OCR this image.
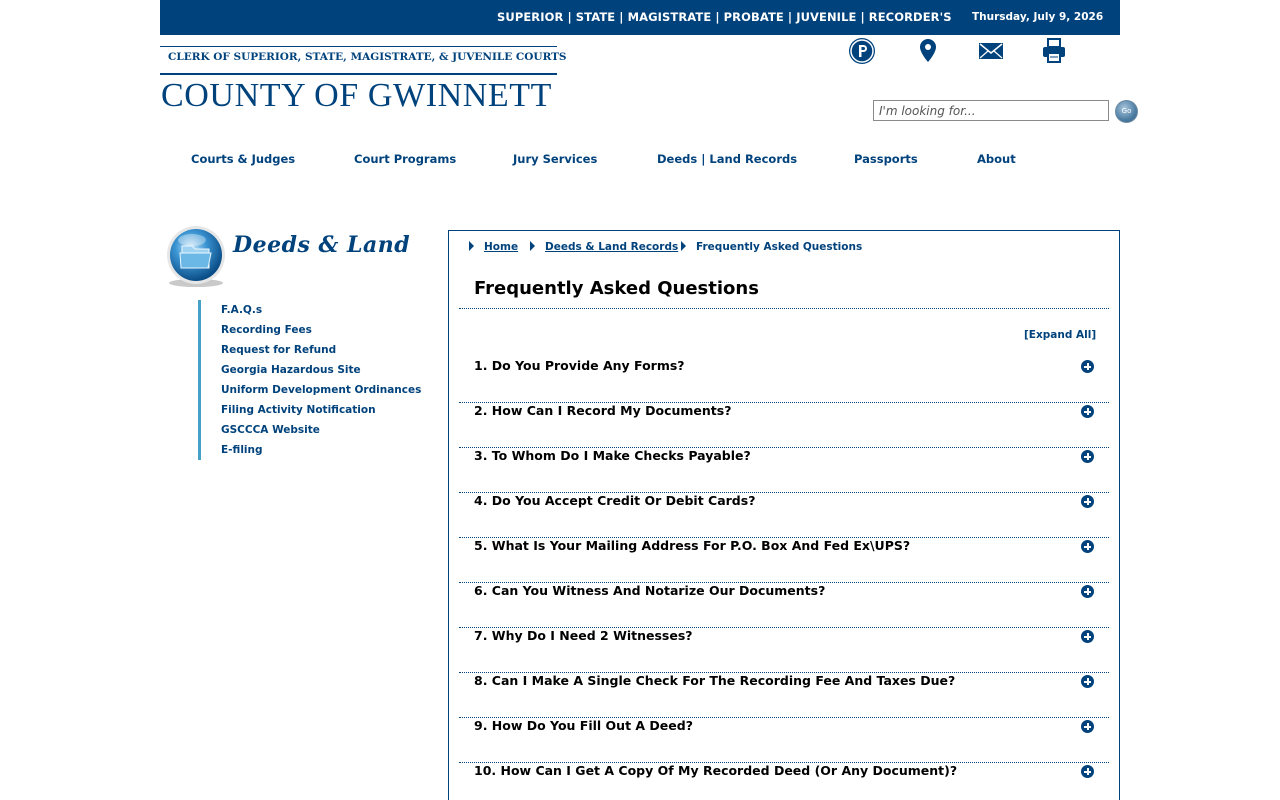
SUPERIOR | STATE | MAGISTRATE | PROBATE | JUVENILE | RECORDER'S Thursday, July 9, 2026
CLERK OF SUPERIOR, STATE, MAGISTRATE, & JUVENILE COURTS
COUNTY OF GWINNETT
I'm looking for...	Go
Courts & Judges	Court Programs	Jury Services	Deeds | Land Records	Passports	About
Deeds & Land
F.A.Q.s
Recording Fees
Request for Refund
Georgia Hazardous Site
Uniform Development Ordinances
Filing Activity Notification
GSCCCA Website
E-filing
Home	Deeds & Land Records Frequently Asked Questions
Frequently Asked Questions
[Expand All]
1. Do You Provide Any Forms?
2. How Can I Record My Documents?
3. To Whom Do I Make Checks Payable?
4. Do You Accept Credit Or Debit Cards?
5. What Is Your Mailing Address For P.O. Box And Fed Ex\UPS?
6. Can You Witness And Notarize Our Documents?
7. Why Do I Need 2 Witnesses?
8. Can I Make A Single Check For The Recording Fee And Taxes Due?
9. How Do You Fill Out A Deed?
10. How Can I Get A Copy Of My Recorded Deed (Or Any Document)?
